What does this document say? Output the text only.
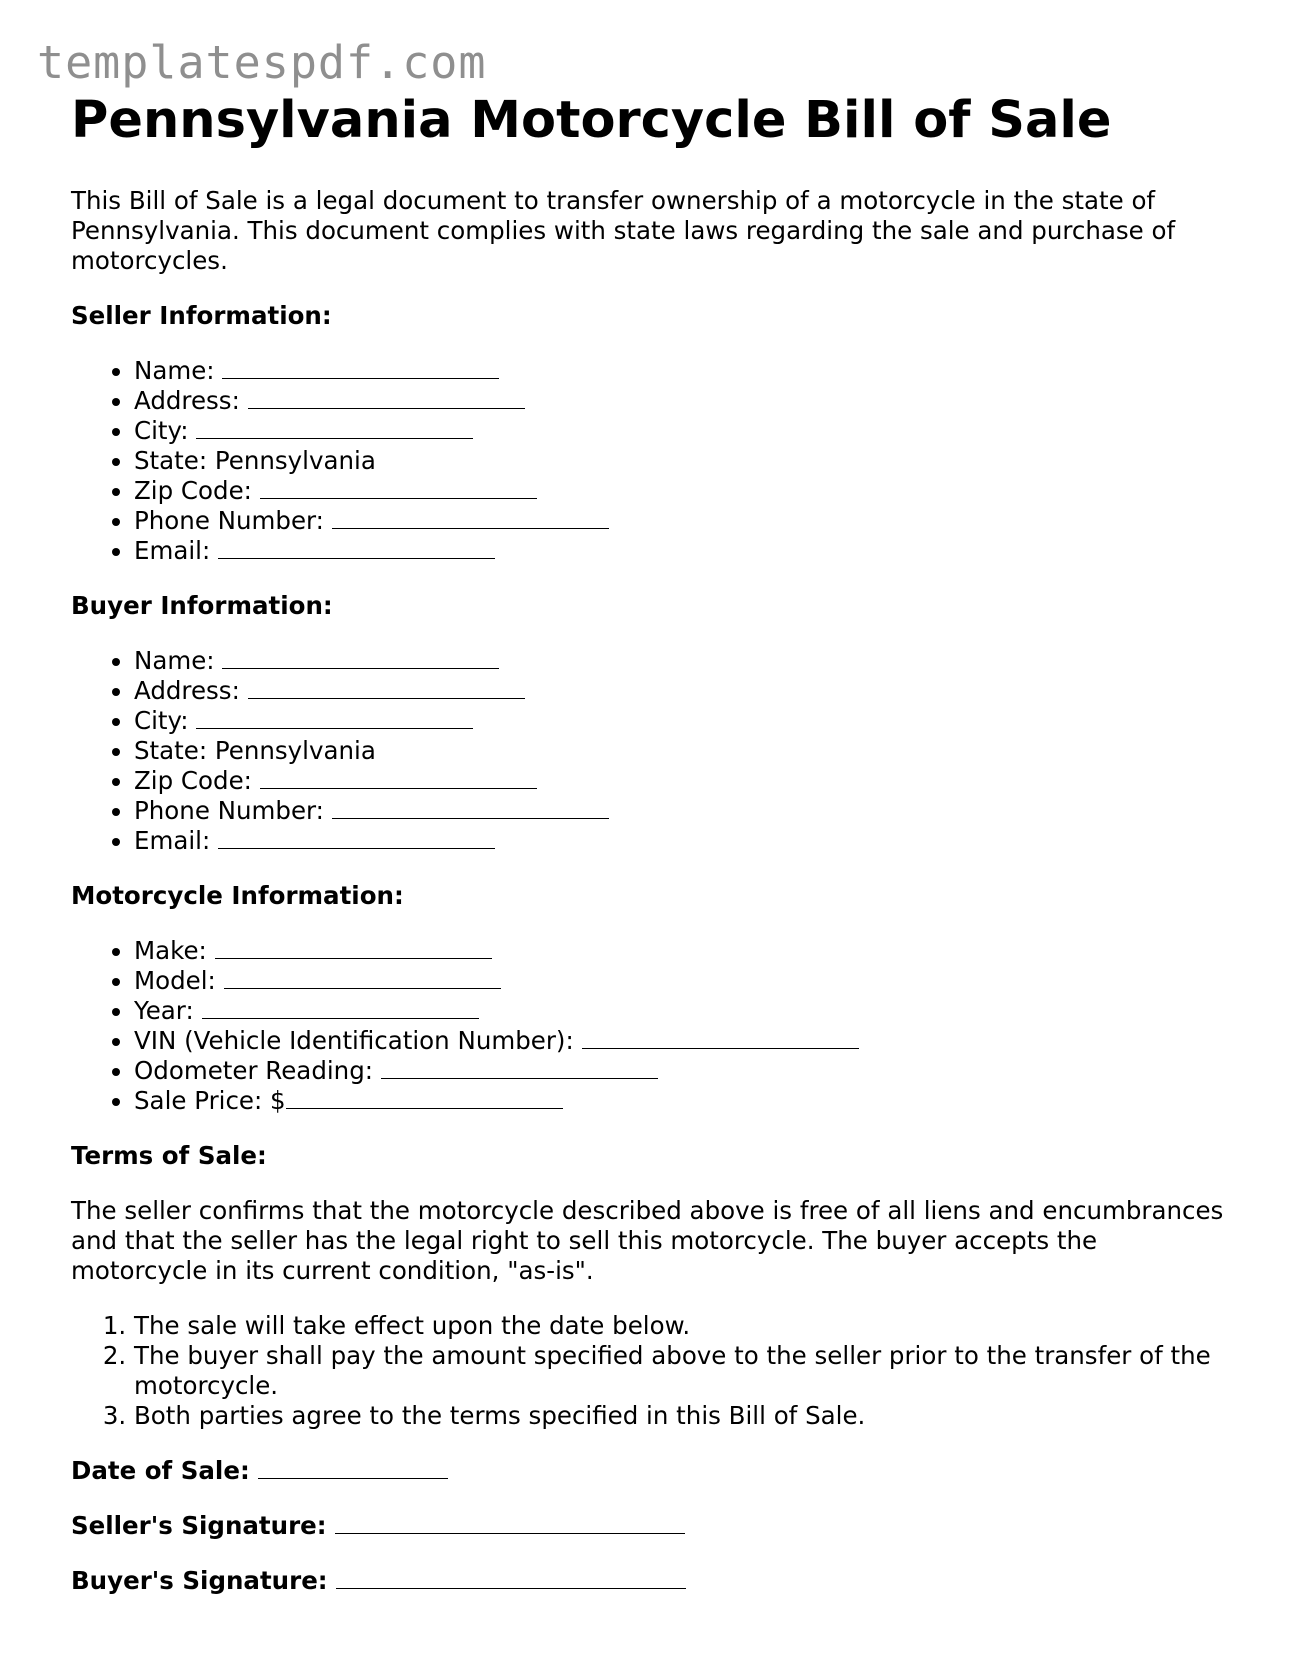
templatespdf.com
Pennsylvania Motorcycle Bill of Sale

This Bill of Sale is a legal document to transfer ownership of a motorcycle in the state of Pennsylvania. This document complies with state laws regarding the sale and purchase of motorcycles.

Seller Information:
• Name:
• Address:
• City:
• State: Pennsylvania
• Zip Code:
• Phone Number:
• Email:
Buyer Information:
• Name:
• Address:
• City:
• State: Pennsylvania
• Zip Code:
• Phone Number:
• Email:
Motorcycle Information:
• Make:
• Model:
• Year:
• VIN (Vehicle Identification Number):
• Odometer Reading:
• Sale Price: $
Terms of Sale:

The seller confirms that the motorcycle described above is free of all liens and encumbrances and that the seller has the legal right to sell this motorcycle. The buyer accepts the motorcycle in its current condition, "as-is".

1. The sale will take effect upon the date below.
2. The buyer shall pay the amount specified above to the seller prior to the transfer of the motorcycle.
3. Both parties agree to the terms specified in this Bill of Sale.
Date of Sale:
Seller's Signature:
Buyer's Signature:
